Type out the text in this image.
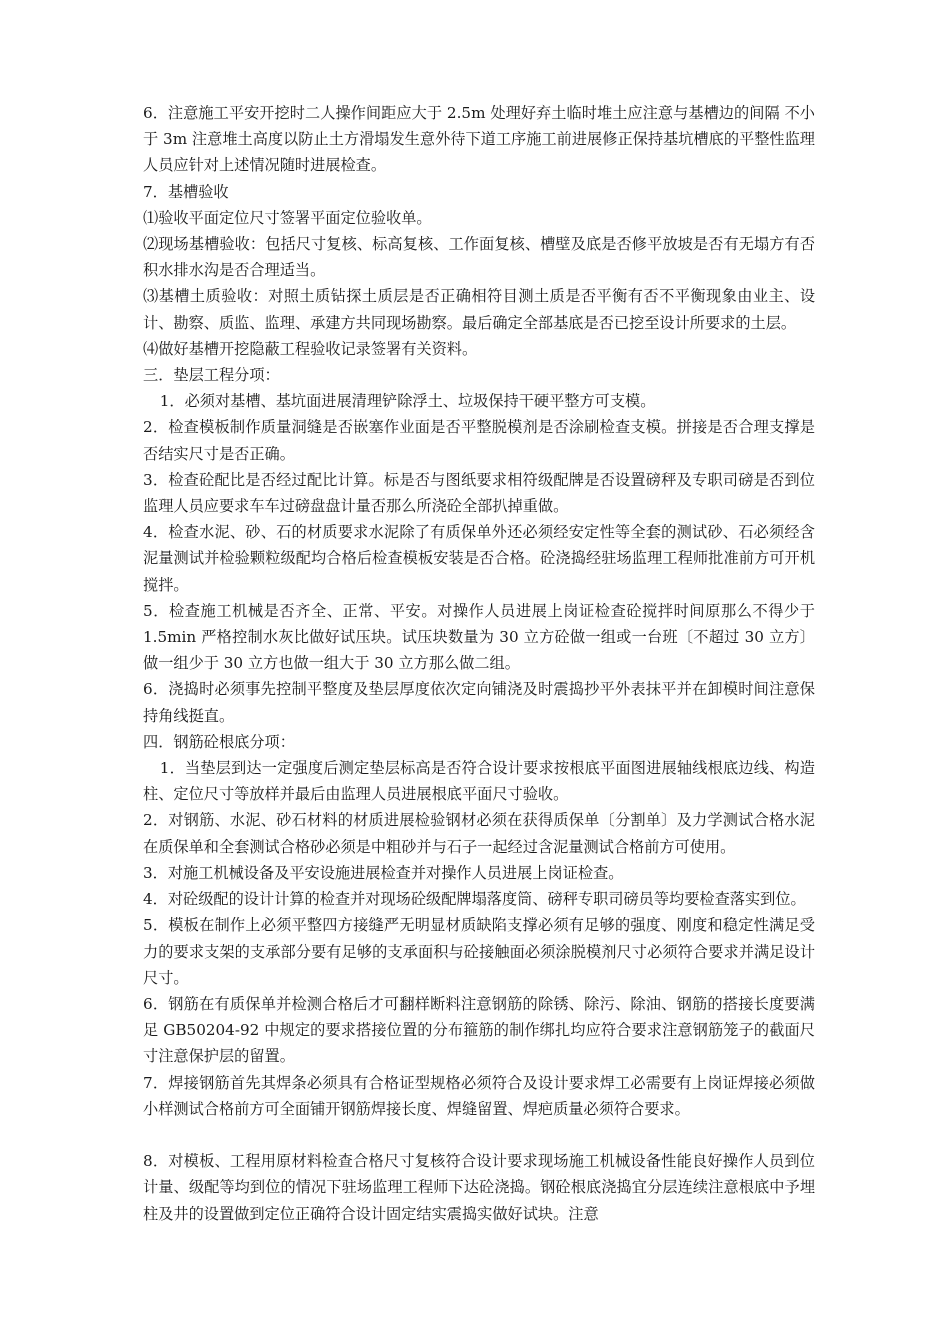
6．注意施工平安开挖时二人操作间距应大于 2.5m 处理好弃土临时堆土应注意与基槽边的间隔 不小于 3m 注意堆土高度以防止土方滑塌发生意外待下道工序施工前进展修正保持基坑槽底的平整性监理人员应针对上述情况随时进展检查。

7．基槽验收

⑴验收平面定位尺寸签署平面定位验收单。

⑵现场基槽验收：包括尺寸复核、标高复核、工作面复核、槽壁及底是否修平放坡是否有无塌方有否积水排水沟是否合理适当。

⑶基槽土质验收：对照土质钻探土质层是否正确相符目测土质是否平衡有否不平衡现象由业主、设计、勘察、质监、监理、承建方共同现场勘察。最后确定全部基底是否已挖至设计所要求的土层。

⑷做好基槽开挖隐蔽工程验收记录签署有关资料。

三．垫层工程分项：

1．必须对基槽、基坑面进展清理铲除浮土、垃圾保持干硬平整方可支模。

2．检查模板制作质量洞缝是否嵌塞作业面是否平整脱模剂是否涂刷检查支模。拼接是否合理支撑是否结实尺寸是否正确。

3．检查砼配比是否经过配比计算。标是否与图纸要求相符级配牌是否设置磅秤及专职司磅是否到位监理人员应要求车车过磅盘盘计量否那么所浇砼全部扒掉重做。

4．检查水泥、砂、石的材质要求水泥除了有质保单外还必须经安定性等全套的测试砂、石必须经含泥量测试并检验颗粒级配均合格后检查模板安装是否合格。砼浇捣经驻场监理工程师批准前方可开机搅拌。

5．检查施工机械是否齐全、正常、平安。对操作人员进展上岗证检查砼搅拌时间原那么不得少于 1.5min 严格控制水灰比做好试压块。试压块数量为 30 立方砼做一组或一台班〔不超过 30 立方〕做一组少于 30 立方也做一组大于 30 立方那么做二组。

6．浇捣时必须事先控制平整度及垫层厚度依次定向铺浇及时震捣抄平外表抹平并在卸模时间注意保持角线挺直。

四．钢筋砼根底分项：

1．当垫层到达一定强度后测定垫层标高是否符合设计要求按根底平面图进展轴线根底边线、构造柱、定位尺寸等放样并最后由监理人员进展根底平面尺寸验收。

2．对钢筋、水泥、砂石材料的材质进展检验钢材必须在获得质保单〔分割单〕及力学测试合格水泥在质保单和全套测试合格砂必须是中粗砂并与石子一起经过含泥量测试合格前方可使用。

3．对施工机械设备及平安设施进展检查并对操作人员进展上岗证检查。

4．对砼级配的设计计算的检查并对现场砼级配牌塌落度筒、磅秤专职司磅员等均要检查落实到位。

5．模板在制作上必须平整四方接缝严无明显材质缺陷支撑必须有足够的强度、刚度和稳定性满足受力的要求支架的支承部分要有足够的支承面积与砼接触面必须涂脱模剂尺寸必须符合要求并满足设计尺寸。

6．钢筋在有质保单并检测合格后才可翻样断料注意钢筋的除锈、除污、除油、钢筋的搭接长度要满足 GB50204-92 中规定的要求搭接位置的分布箍筋的制作绑扎均应符合要求注意钢筋笼子的截面尺寸注意保护层的留置。

7．焊接钢筋首先其焊条必须具有合格证型规格必须符合及设计要求焊工必需要有上岗证焊接必须做小样测试合格前方可全面铺开钢筋焊接长度、焊缝留置、焊疤质量必须符合要求。

8．对模板、工程用原材料检查合格尺寸复核符合设计要求现场施工机械设备性能良好操作人员到位计量、级配等均到位的情况下驻场监理工程师下达砼浇捣。钢砼根底浇捣宜分层连续注意根底中予埋柱及井的设置做到定位正确符合设计固定结实震捣实做好试块。注意
